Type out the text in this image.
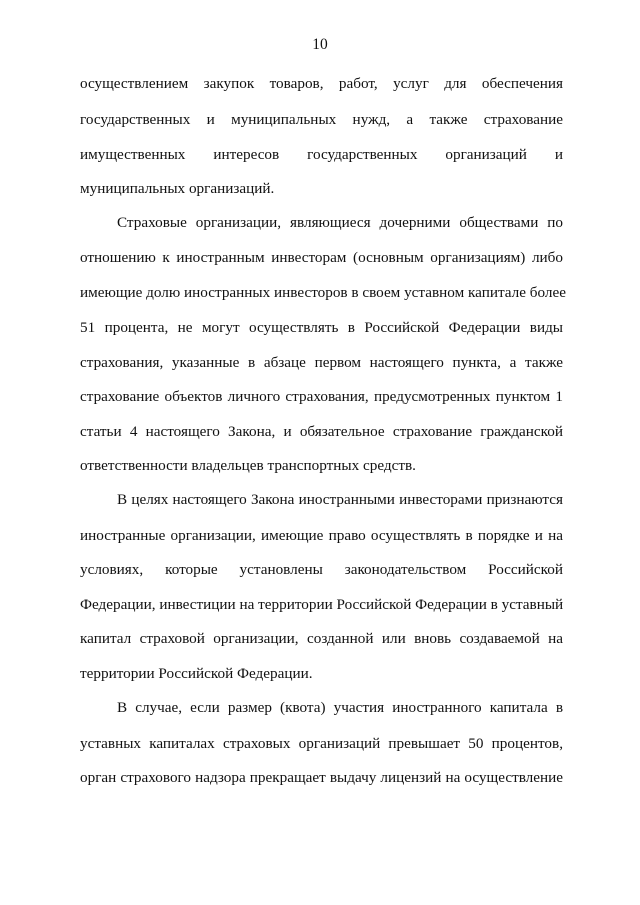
10
осуществлением закупок товаров, работ, услуг для обеспечения
государственных и муниципальных нужд, а также страхование
имущественных интересов государственных организаций и
муниципальных организаций.
Страховые организации, являющиеся дочерними обществами по
отношению к иностранным инвесторам (основным организациям) либо
имеющие долю иностранных инвесторов в своем уставном капитале более
51 процента, не могут осуществлять в Российской Федерации виды
страхования, указанные в абзаце первом настоящего пункта, а также
страхование объектов личного страхования, предусмотренных пунктом 1
статьи 4 настоящего Закона, и обязательное страхование гражданской
ответственности владельцев транспортных средств.
В целях настоящего Закона иностранными инвесторами признаются
иностранные организации, имеющие право осуществлять в порядке и на
условиях, которые установлены законодательством Российской
Федерации, инвестиции на территории Российской Федерации в уставный
капитал страховой организации, созданной или вновь создаваемой на
территории Российской Федерации.
В случае, если размер (квота) участия иностранного капитала в
уставных капиталах страховых организаций превышает 50 процентов,
орган страхового надзора прекращает выдачу лицензий на осуществление
